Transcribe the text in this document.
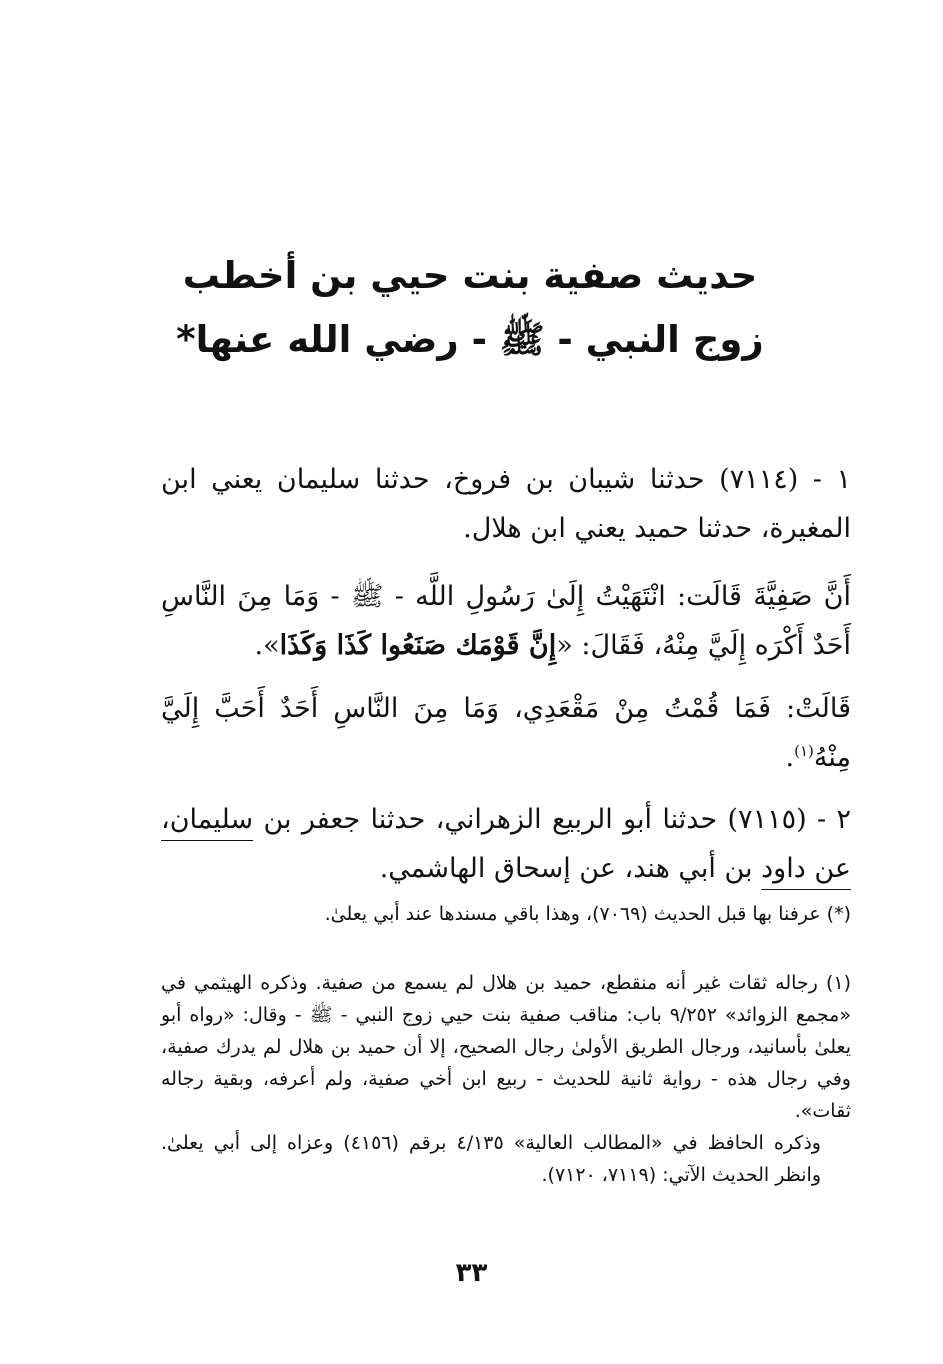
حديث صفية بنت حيي بن أخطب
زوج النبي - ﷺ - رضي الله عنها*

١ - (٧١١٤) حدثنا شيبان بن فروخ، حدثنا سليمان يعني ابن المغيرة، حدثنا حميد يعني ابن هلال.

أَنَّ صَفِيَّةَ قَالَت: انْتَهَيْتُ إِلَىٰ رَسُولِ اللَّه - ﷺ - وَمَا مِنَ النَّاسِ أَحَدٌ أَكْرَه إِلَيَّ مِنْهُ، فَقَالَ: «إِنَّ قَوْمَك صَنَعُوا كَذَا وَكَذَا».

قَالَتْ: فَمَا قُمْتُ مِنْ مَقْعَدِي، وَمَا مِنَ النَّاسِ أَحَدٌ أَحَبَّ إِلَيَّ مِنْهُ$^{(١)}$.

٢ - (٧١١٥) حدثنا أبو الربيع الزهراني، حدثنا جعفر بن سليمان، عن داود بن أبي هند، عن إسحاق الهاشمي.

(*) عرفنا بها قبل الحديث (٧٠٦٩)، وهذا باقي مسندها عند أبي يعلىٰ.

(١) رجاله ثقات غير أنه منقطع، حميد بن هلال لم يسمع من صفية. وذكره الهيثمي في «مجمع الزوائد» ٩/٢٥٢ باب: مناقب صفية بنت حيي زوج النبي - ﷺ - وقال: «رواه أبو يعلىٰ بأسانيد، ورجال الطريق الأولىٰ رجال الصحيح، إلا أن حميد بن هلال لم يدرك صفية، وفي رجال هذه - رواية ثانية للحديث - ربيع ابن أخي صفية، ولم أعرفه، وبقية رجاله ثقات».

وذكره الحافظ في «المطالب العالية» ٤/١٣٥ برقم (٤١٥٦) وعزاه إلى أبي يعلىٰ. وانظر الحديث الآتي: (٧١١٩، ٧١٢٠).

٣٣
